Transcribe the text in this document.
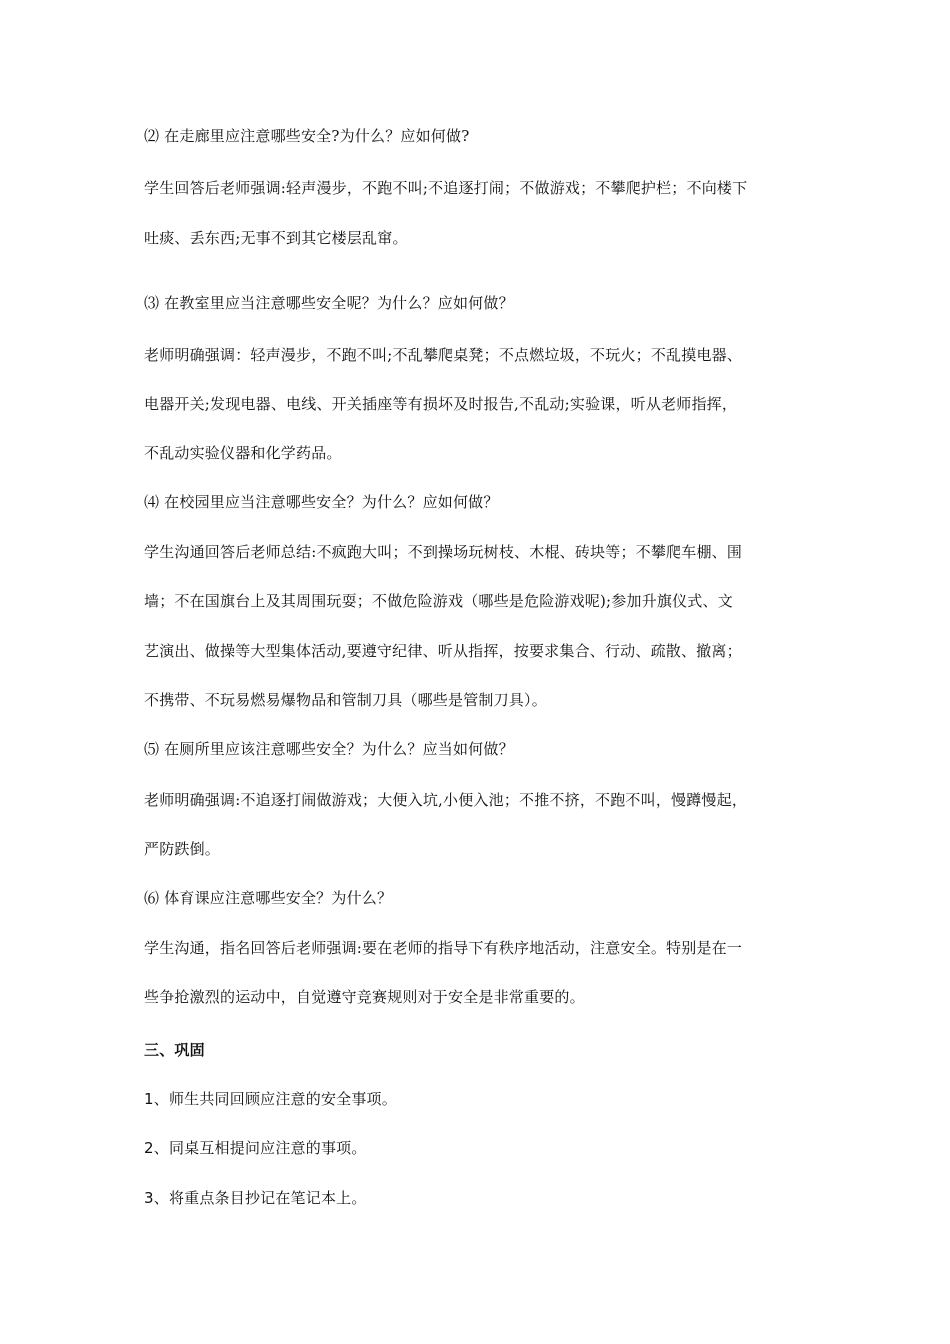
⑵ 在走廊里应注意哪些安全?为什么？应如何做?
学生回答后老师强调:轻声漫步，不跑不叫;不追逐打闹；不做游戏；不攀爬护栏；不向楼下
吐痰、丢东西;无事不到其它楼层乱窜。
⑶ 在教室里应当注意哪些安全呢？为什么？应如何做？
老师明确强调：轻声漫步，不跑不叫;不乱攀爬桌凳；不点燃垃圾，不玩火；不乱摸电器、
电器开关;发现电器、电线、开关插座等有损坏及时报告,不乱动;实验课，听从老师指挥，
不乱动实验仪器和化学药品。
⑷ 在校园里应当注意哪些安全？为什么？应如何做？
学生沟通回答后老师总结:不疯跑大叫；不到操场玩树枝、木棍、砖块等；不攀爬车棚、围
墙；不在国旗台上及其周围玩耍；不做危险游戏（哪些是危险游戏呢);参加升旗仪式、文
艺演出、做操等大型集体活动,要遵守纪律、听从指挥，按要求集合、行动、疏散、撤离；
不携带、不玩易燃易爆物品和管制刀具（哪些是管制刀具）。
⑸ 在厕所里应该注意哪些安全？为什么？应当如何做？
老师明确强调:不追逐打闹做游戏；大便入坑,小便入池；不推不挤，不跑不叫，慢蹲慢起，
严防跌倒。
⑹ 体育课应注意哪些安全？为什么？
学生沟通，指名回答后老师强调:要在老师的指导下有秩序地活动，注意安全。特别是在一
些争抢激烈的运动中，自觉遵守竞赛规则对于安全是非常重要的。
三、巩固
1、师生共同回顾应注意的安全事项。
2、同桌互相提问应注意的事项。
3、将重点条目抄记在笔记本上。
